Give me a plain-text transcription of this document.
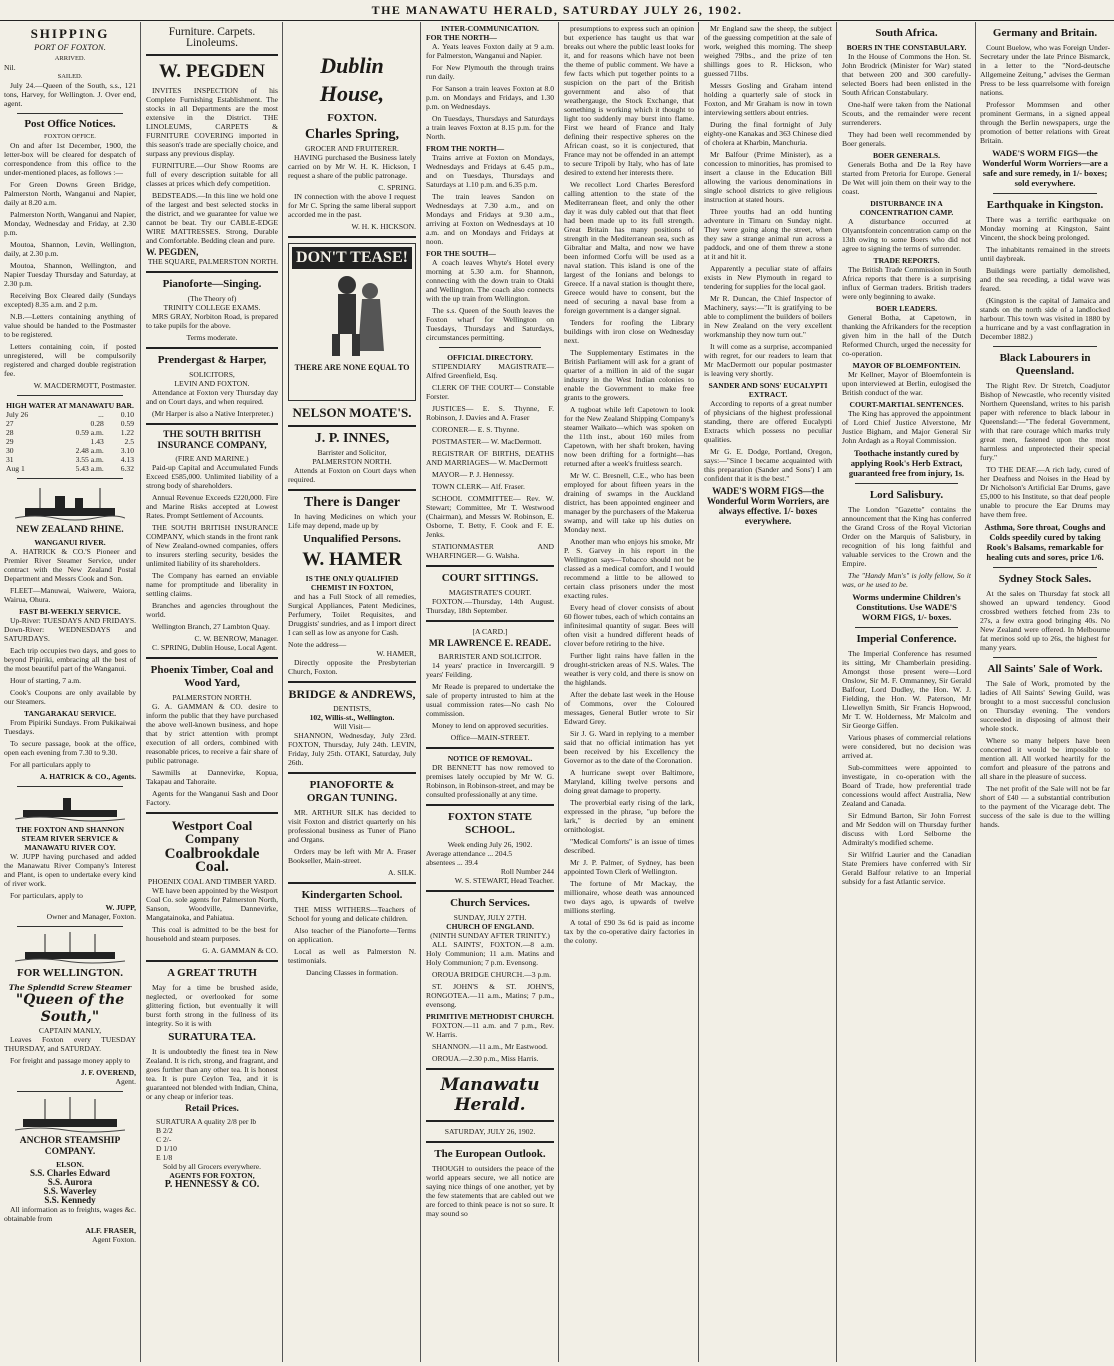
THE MANAWATU HERALD, SATURDAY JULY 26, 1902.
SHIPPING
PORT OF FOXTON.
ARRIVED.
Nil.
SAILED.

July 24.—Queen of the South, s.s., 121 tons, Harvey, for Wellington. J. Over end, agent.

Post Office Notices.
FOXTON OFFICE.

On and after 1st December, 1900, the letter-box will be cleared for despatch of correspondence from this office to the under-mentioned places, as follows :—

For Green Downs Green Bridge, Palmerston North, Wanganui and Napier, daily at 8.20 a.m.

Palmerston North, Wanganui and Napier, Monday, Wednesday and Friday, at 2.30 p.m.

Moutoa, Shannon, Levin, Wellington, daily, at 2.30 p.m.

Moutoa, Shannon, Wellington, and Napier Tuesday Thursday and Saturday, at 2.30 p.m.

Receiving Box Cleared daily (Sundays excepted) 8.35 a.m. and 2 p.m.

N.B.—Letters containing anything of value should be handed to the Postmaster to be registered.

Letters containing coin, if posted unregistered, will be compulsorily registered and charged double registration fee.

W. MACDERMOTT, Postmaster.
HIGH WATER AT MANAWATU BAR.
July 26	...	0.10
27	0.28	0.59
28	0.59 a.m.	1.22
29	1.43	2.5
30	2.48 a.m.	3.10
31	3.55 a.m.	4.13
Aug 1	5.43 a.m.	6.32
NEW ZEALAND RHINE.
WANGANUI RIVER.

A. HATRICK & CO.'S Pioneer and Premier River Steamer Service, under contract with the New Zealand Postal Department and Messrs Cook and Son.

FLEET—Manuwai, Waiwere, Waiora, Wairua, Ohura.

FAST BI-WEEKLY SERVICE.

Up-River: TUESDAYS AND FRIDAYS. Down-River: WEDNESDAYS and SATURDAYS.

Each trip occupies two days, and goes to beyond Pipiriki, embracing all the best of the most beautiful part of the Wanganui.

Hour of starting, 7 a.m.

Cook's Coupons are only available by our Steamers.

TANGARAKAU SERVICE.

From Pipiriki Sundays. From Pukikaiwai Tuesdays.

To secure passage, book at the office, open each evening from 7.30 to 9.30.

For all particulars apply to

A. HATRICK & CO., Agents.
THE FOXTON AND SHANNON STEAM RIVER SERVICE & MANAWATU RIVER COY.

W. JUPP having purchased and added the Manawatu River Company's Interest and Plant, is open to undertake every kind of river work.

For particulars, apply to

W. JUPP,
Owner and Manager, Foxton.
FOR WELLINGTON.
The Splendid Screw Steamer
"Queen of the South,"
CAPTAIN MANLY,

Leaves Foxton every TUESDAY THURSDAY, and SATURDAY.

For freight and passage money apply to

J. F. OVEREND,
Agent.
ANCHOR STEAMSHIP COMPANY.
ELSON.
S.S. Charles Edward
S.S. Aurora
S.S. Waverley
S.S. Kennedy

All information as to freights, wages &c. obtainable from

ALF. FRASER,
Agent Foxton.
Furniture. Carpets. Linoleums.
W. PEGDEN

INVITES INSPECTION of his Complete Furnishing Establishment. The stocks in all Departments are the most extensive in the District. THE LINOLEUMS, CARPETS & FURNITURE COVERING imported in this season's trade are specially choice, and surpass any previous display.

FURNITURE.—Our Show Rooms are full of every description suitable for all classes at prices which defy competition.

BEDSTEADS.—In this line we hold one of the largest and best selected stocks in the district, and we guarantee for value we cannot be beat. Try our CABLE-EDGE WIRE MATTRESSES. Strong, Durable and Comfortable. Bedding clean and pure.

W. PEGDEN,
THE SQUARE, PALMERSTON NORTH.
Pianoforte—Singing.
(The Theory of)
TRINITY COLLEGE EXAMS.

MRS GRAY, Norbiton Road, is prepared to take pupils for the above.

Terms moderate.
Prendergast & Harper,
SOLICITORS,
LEVIN AND FOXTON.

Attendance at Foxton very Thursday day and on Court days, and when required.

(Mr Harper is also a Native Interpreter.)

THE SOUTH BRITISH INSURANCE COMPANY,
(FIRE AND MARINE.)

Paid-up Capital and Accumulated Funds Exceed £585,000. Unlimited liability of a strong body of shareholders.

Annual Revenue Exceeds £220,000. Fire and Marine Risks accepted at Lowest Rates. Prompt Settlement of Accounts.

THE SOUTH BRITISH INSURANCE COMPANY, which stands in the front rank of New Zealand-owned companies, offers to insurers sterling security, besides the unlimited liability of its shareholders.

The Company has earned an enviable name for promptitude and liberality in settling claims.

Branches and agencies throughout the world.

Wellington Branch, 27 Lambton Quay.

C. W. BENROW, Manager.

C. SPRING, Dublin House, Local Agent.

Phoenix Timber, Coal and Wood Yard,
PALMERSTON NORTH.

G. A. GAMMAN & CO. desire to inform the public that they have purchased the above well-known business, and hope that by strict attention with prompt execution of all orders, combined with reasonable prices, to receive a fair share of public patronage.

Sawmills at Dannevirke, Kopua, Takapau and Tahoraite.

Agents for the Wanganui Sash and Door Factory.

Westport Coal Company
Coalbrookdale Coal.
PHOENIX COAL AND TIMBER YARD.

WE have been appointed by the Westport Coal Co. sole agents for Palmerston North, Sanson, Woodville, Dannevirke, Mangatainoka, and Pahiatua.

This coal is admitted to be the best for household and steam purposes.

G. A. GAMMAN & CO.
A GREAT TRUTH

May for a time be brushed aside, neglected, or overlooked for some glittering fiction, but eventually it will burst forth strong in the fullness of its integrity. So it is with

SURATURA TEA.

It is undoubtedly the finest tea in New Zealand. It is rich, strong, and fragrant, and goes further than any other tea. It is honest tea. It is pure Ceylon Tea, and it is guaranteed not blended with Indian, China, or any cheap or inferior teas.

Retail Prices.
SURATURA A quality 2/8 per lb
B 2/2
C 2/-
D 1/10
E 1/8
Sold by all Grocers everywhere.
AGENTS FOR FOXTON,
P. HENNESSY & CO.
Dublin House,
FOXTON.
Charles Spring,
GROCER AND FRUITERER.

HAVING purchased the Business lately carried on by Mr W. H. K. Hickson, I request a share of the public patronage.

C. SPRING.

IN connection with the above I request for Mr C. Spring the same liberal support accorded me in the past.

W. H. K. HICKSON.
DON'T TEASE!
THERE ARE NONE EQUAL TO
NELSON MOATE'S.
J. P. INNES,
Barrister and Solicitor,
PALMERSTON NORTH.

Attends at Foxton on Court days when required.

There is Danger

In having Medicines on which your Life may depend, made up by

Unqualified Persons.
W. HAMER
IS THE ONLY QUALIFIED CHEMIST IN FOXTON,

and has a Full Stock of all remedies, Surgical Appliances, Patent Medicines, Perfumery, Toilet Requisites, and Druggists' sundries, and as I import direct I can sell as low as anyone for Cash.

Note the address—
W. HAMER,

Directly opposite the Presbyterian Church, Foxton.

BRIDGE & ANDREWS,
DENTISTS,
102, Willis-st., Wellington.
Will Visit—

SHANNON, Wednesday, July 23rd. FOXTON, Thursday, July 24th. LEVIN, Friday, July 25th. OTAKI, Saturday, July 26th.

PIANOFORTE & ORGAN TUNING.

MR. ARTHUR SILK has decided to visit Foxton and district quarterly on his professional business as Tuner of Piano and Organs.

Orders may be left with Mr A. Fraser Bookseller, Main-street.

A. SILK.
Kindergarten School.

THE MISS WITHERS—Teachers of School for young and delicate children.

Also teacher of the Pianoforte—Terms on application.

Local as well as Palmerston N. testimonials.

Dancing Classes in formation.
INTER-COMMUNICATION.
FOR THE NORTH—

A. Yeats leaves Foxton daily at 9 a.m. for Palmerston, Wanganui and Napier.

For New Plymouth the through trains run daily.

For Sanson a train leaves Foxton at 8.0 p.m. on Mondays and Fridays, and 1.30 p.m. on Wednesdays.

On Tuesdays, Thursdays and Saturdays a train leaves Foxton at 8.15 p.m. for the North.

FROM THE NORTH—

Trains arrive at Foxton on Mondays, Wednesdays and Fridays at 6.45 p.m., and on Tuesdays, Thursdays and Saturdays at 1.10 p.m. and 6.35 p.m.

The train leaves Sandon on Wednesdays at 7.30 a.m., and on Mondays and Fridays at 9.30 a.m., arriving at Foxton on Wednesdays at 10 a.m. and on Mondays and Fridays at noon.

FOR THE SOUTH—

A coach leaves Whyte's Hotel every morning at 5.30 a.m. for Shannon, connecting with the down train to Otaki and Wellington. The coach also connects with the up train from Wellington.

The s.s. Queen of the South leaves the Foxton wharf for Wellington on Tuesdays, Thursdays and Saturdays, circumstances permitting.

OFFICIAL DIRECTORY.

STIPENDIARY MAGISTRATE— Alfred Greenfield, Esq.

CLERK OF THE COURT— Constable Forster.

JUSTICES— E. S. Thynne, F. Robinson, J. Davies and A. Fraser

CORONER— E. S. Thynne.

POSTMASTER— W. MacDermott.

REGISTRAR OF BIRTHS, DEATHS AND MARRIAGES— W. MacDermott

MAYOR— P. J. Hennessy.

TOWN CLERK— Alf. Fraser.

SCHOOL COMMITTEE— Rev. W. Stewart; Committee, Mr T. Westwood (Chairman), and Messrs W. Robinson, E. Osborne, T. Betty, F. Cook and F. E. Jenks.

STATIONMASTER AND WHARFINGER— G. Walsha.

COURT SITTINGS.
MAGISTRATE'S COURT.

FOXTON.—Thursday, 14th August. Thursday, 18th September.

[A CARD.]
MR LAWRENCE E. READE.
BARRISTER AND SOLICITOR.

14 years' practice in Invercargill. 9 years' Feilding.

Mr Reade is prepared to undertake the sale of property intrusted to him at the usual commission rates—No cash No commission.

Money to lend on approved securities.

Office—MAIN-STREET.
NOTICE OF REMOVAL.

DR BENNETT has now removed to premises lately occupied by Mr W. G. Robinson, in Robinson-street, and may be consulted professionally at any time.

FOXTON STATE SCHOOL.
Week ending July 26, 1902.
Average attendance ... 204.5
absentees ... 39.4
Roll Number 244
W. S. STEWART, Head Teacher.
Church Services.
SUNDAY, JULY 27TH.
CHURCH OF ENGLAND.
(NINTH SUNDAY AFTER TRINITY.)

ALL SAINTS', FOXTON.—8 a.m. Holy Communion; 11 a.m. Matins and Holy Communion; 7 p.m. Evensong.

OROUA BRIDGE CHURCH.—3 p.m.

ST. JOHN'S & ST. JOHN'S, RONGOTEA.—11 a.m., Matins; 7 p.m., evensong.

PRIMITIVE METHODIST CHURCH.

FOXTON.—11 a.m. and 7 p.m., Rev. W. Harris.

SHANNON.—11 a.m., Mr Eastwood.

OROUA.—2.30 p.m., Miss Harris.

Manawatu Herald.
SATURDAY, JULY 26, 1902.
The European Outlook.

THOUGH to outsiders the peace of the world appears secure, we all notice are saying nice things of one another, yet by the few statements that are cabled out we are forced to think peace is not so sure. It may sound so

presumptions to express such an opinion but experience has taught us that war breaks out where the public least looks for it, and for reasons which have not been the theme of public comment. We have a few facts which put together points to a suspicion on the part of the British government and also of that weathergauge, the Stock Exchange, that something is working which it thought to light too suddenly may burst into flame. First we heard of France and Italy defining their respective spheres on the African coast, so it is conjectured, that France may not be offended in an attempt to secure Tripoli by Italy, who has of late desired to extend her interests there.

We recollect Lord Charles Beresford calling attention to the state of the Mediterranean fleet, and only the other day it was duly cabled out that that fleet had been made up to its full strength. Great Britain has many positions of strength in the Mediterranean sea, such as Gibraltar and Malta, and now we have been informed Corfu will be used as a naval station. This island is one of the largest of the Ionians and belongs to Greece. If a naval station is thought there, Greece would have to consent, but the need of securing a naval base from a foreign government is a danger signal.

Tenders for roofing the Library buildings with iron close on Wednesday next.

The Supplementary Estimates in the British Parliament will ask for a grant of quarter of a million in aid of the sugar industry in the West Indian colonies to enable the Government to make free grants to the growers.

A tugboat while left Capetown to look for the New Zealand Shipping Company's steamer Waikato—which was spoken on the 11th inst., about 160 miles from Capetown, with her shaft broken, having now been drifting for a fortnight—has returned after a week's fruitless search.

Mr W. C. Bresnell, C.E., who has been employed for about fifteen years in the draining of swamps in the Auckland district, has been appointed engineer and manager by the purchasers of the Makerua swamp, and will take up his duties on Monday next.

Another man who enjoys his smoke, Mr P. S. Garvey in his report in the Wellington says—Tobacco should not be classed as a medical comfort, and I would recommend a little to be allowed to certain class prisoners under the most exacting rules.

Every head of clover consists of about 60 flower tubes, each of which contains an infinitesimal quantity of sugar. Bees will often visit a hundred different heads of clover before retiring to the hive.

Further light rains have fallen in the drought-stricken areas of N.S. Wales. The weather is very cold, and there is snow on the highlands.

After the debate last week in the House of Commons, over the Coloured messages, General Butler wrote to Sir Edward Grey.

Sir J. G. Ward in replying to a member said that no official intimation has yet been received by his Excellency the Governor as to the date of the Coronation.

A hurricane swept over Baltimore, Maryland, killing twelve persons and doing great damage to property.

The proverbial early rising of the lark, expressed in the phrase, "up before the lark," is decried by an eminent ornithologist.

"Medical Comforts" is an issue of times described.

Mr J. P. Palmer, of Sydney, has been appointed Town Clerk of Wellington.

The fortune of Mr Mackay, the millionaire, whose death was announced two days ago, is upwards of twelve millions sterling.

A total of £90 3s 6d is paid as income tax by the co-operative dairy factories in the colony.

Mr England saw the sheep, the subject of the guessing competition at the sale of work, weighed this morning. The sheep weighed 79lbs., and the prize of ten shillings goes to R. Hickson, who guessed 71lbs.

Messrs Gosling and Graham intend holding a quarterly sale of stock in Foxton, and Mr Graham is now in town interviewing settlers about entries.

During the final fortnight of July eighty-one Kanakas and 363 Chinese died of cholera at Kharbin, Manchuria.

Mr Balfour (Prime Minister), as a concession to minorities, has promised to insert a clause in the Education Bill allowing the various denominations in single school districts to give religious instruction at stated hours.

Three youths had an odd hunting adventure in Timaru on Sunday night. They were going along the street, when they saw a strange animal run across a paddock, and one of them threw a stone at it and hit it.

Apparently a peculiar state of affairs exists in New Plymouth in regard to tendering for supplies for the local gaol.

Mr R. Duncan, the Chief Inspector of Machinery, says:—"It is gratifying to be able to compliment the builders of boilers in New Zealand on the very excellent workmanship they now turn out."

It will come as a surprise, accompanied with regret, for our readers to learn that Mr MacDermott our popular postmaster is leaving very shortly.

SANDER AND SONS' EUCALYPTI EXTRACT.

According to reports of a great number of physicians of the highest professional standing, there are offered Eucalypti Extracts which possess no peculiar qualities.

Mr G. E. Dodge, Portland, Oregon, says:—"Since I became acquainted with this preparation (Sander and Sons') I am confident that it is the best."

WADE'S WORM FIGS—the Wonderful Worm Worriers, are always effective. 1/- boxes everywhere.
South Africa.
BOERS IN THE CONSTABULARY.

In the House of Commons the Hon. St. John Brodrick (Minister for War) stated that between 200 and 300 carefully-selected Boers had been enlisted in the South African Constabulary.

One-half were taken from the National Scouts, and the remainder were recent surrenderers.

They had been well recommended by Boer generals.

BOER GENERALS.

Generals Botha and De la Rey have started from Pretoria for Europe. General De Wet will join them on their way to the coast.

DISTURBANCE IN A CONCENTRATION CAMP.

A disturbance occurred at Olyantsfontein concentration camp on the 13th owing to some Boers who did not agree to signing the terms of surrender.

TRADE REPORTS.

The British Trade Commission in South Africa reports that there is a surprising influx of German traders. British traders were only beginning to awake.

BOER LEADERS.

General Botha, at Capetown, in thanking the Afrikanders for the reception given him in the hall of the Dutch Reformed Church, urged the necessity for co-operation.

MAYOR OF BLOEMFONTEIN.

Mr Kellner, Mayor of Bloemfontein is upon interviewed at Berlin, eulogised the British conduct of the war.

COURT-MARTIAL SENTENCES.

The King has approved the appointment of Lord Chief Justice Alverstone, Mr Justice Bigham, and Major General Sir John Ardagh as a Royal Commission.

Toothache instantly cured by applying Rook's Herb Extract, guaranteed free from injury, 1s.
Lord Salisbury.

The London "Gazette" contains the announcement that the King has conferred the Grand Cross of the Royal Victorian Order on the Marquis of Salisbury, in recognition of his long faithful and valuable services to the Crown and the Empire.

The "Handy Man's" is jolly fellow, So it was, or he used to be.

Worms undermine Children's Constitutions. Use WADE'S WORM FIGS, 1/- boxes.
Imperial Conference.

The Imperial Conference has resumed its sitting, Mr Chamberlain presiding. Amongst those present were—Lord Onslow, Sir M. F. Ommanney, Sir Gerald Balfour, Lord Dudley, the Hon. W. J. Fielding, the Hon. W. Paterson, Mr Llewellyn Smith, Sir Francis Hopwood, Mr T. W. Holderness, Mr Malcolm and Sir George Giffen.

Various phases of commercial relations were considered, but no decision was arrived at.

Sub-committees were appointed to investigate, in co-operation with the Board of Trade, how preferential trade concessions would affect Australia, New Zealand and Canada.

Sir Edmund Barton, Sir John Forrest and Mr Seddon will on Thursday further discuss with Lord Selborne the Admiralty's modified scheme.

Sir Wilfrid Laurier and the Canadian State Premiers have conferred with Sir Gerald Balfour relative to an Imperial subsidy for a fast Atlantic service.

Germany and Britain.

Count Buelow, who was Foreign Under-Secretary under the late Prince Bismarck, in a letter to the "Nord-deutsche Allgemeine Zeitung," advises the German Press to be less quarrelsome with foreign nations.

Professor Mommsen and other prominent Germans, in a signed appeal through the Berlin newspapers, urge the promotion of better relations with Great Britain.

WADE'S WORM FIGS—the Wonderful Worm Worriers—are a safe and sure remedy, in 1/- boxes; sold everywhere.
Earthquake in Kingston.

There was a terrific earthquake on Monday morning at Kingston, Saint Vincent, the shock being prolonged.

The inhabitants remained in the streets until daybreak.

Buildings were partially demolished, and the sea receding, a tidal wave was feared.

(Kingston is the capital of Jamaica and stands on the north side of a landlocked harbour. This town was visited in 1880 by a hurricane and by a vast conflagration in December 1882.)

Black Labourers in Queensland.

The Right Rev. Dr Stretch, Coadjutor Bishop of Newcastle, who recently visited Northern Queensland, writes to his parish paper with reference to black labour in Queensland:—"The federal Government, with that rare courage which marks truly great men, fastened upon the most harmless and unprotected their special fury."

TO THE DEAF.—A rich lady, cured of her Deafness and Noises in the Head by Dr Nicholson's Artificial Ear Drums, gave £5,000 to his Institute, so that deaf people unable to procure the Ear Drums may have them free.

Asthma, Sore throat, Coughs and Colds speedily cured by taking Rook's Balsams, remarkable for healing cuts and sores, price 1/6.
Sydney Stock Sales.

At the sales on Thursday fat stock all showed an upward tendency. Good crossbred wethers fetched from 23s to 27s, a few extra good bringing 40s. No New Zealand were offered. In Melbourne fat merinos sold up to 26s, the highest for many years.

All Saints' Sale of Work.

The Sale of Work, promoted by the ladies of All Saints' Sewing Guild, was brought to a most successful conclusion on Thursday evening. The vendors succeeded in disposing of almost their whole stock.

Where so many helpers have been concerned it would be impossible to mention all. All worked heartily for the comfort and pleasure of the patrons and all share in the pleasure of success.

The net profit of the Sale will not be far short of £40 — a substantial contribution to the payment of the Vicarage debt. The success of the sale is due to the willing hands.
